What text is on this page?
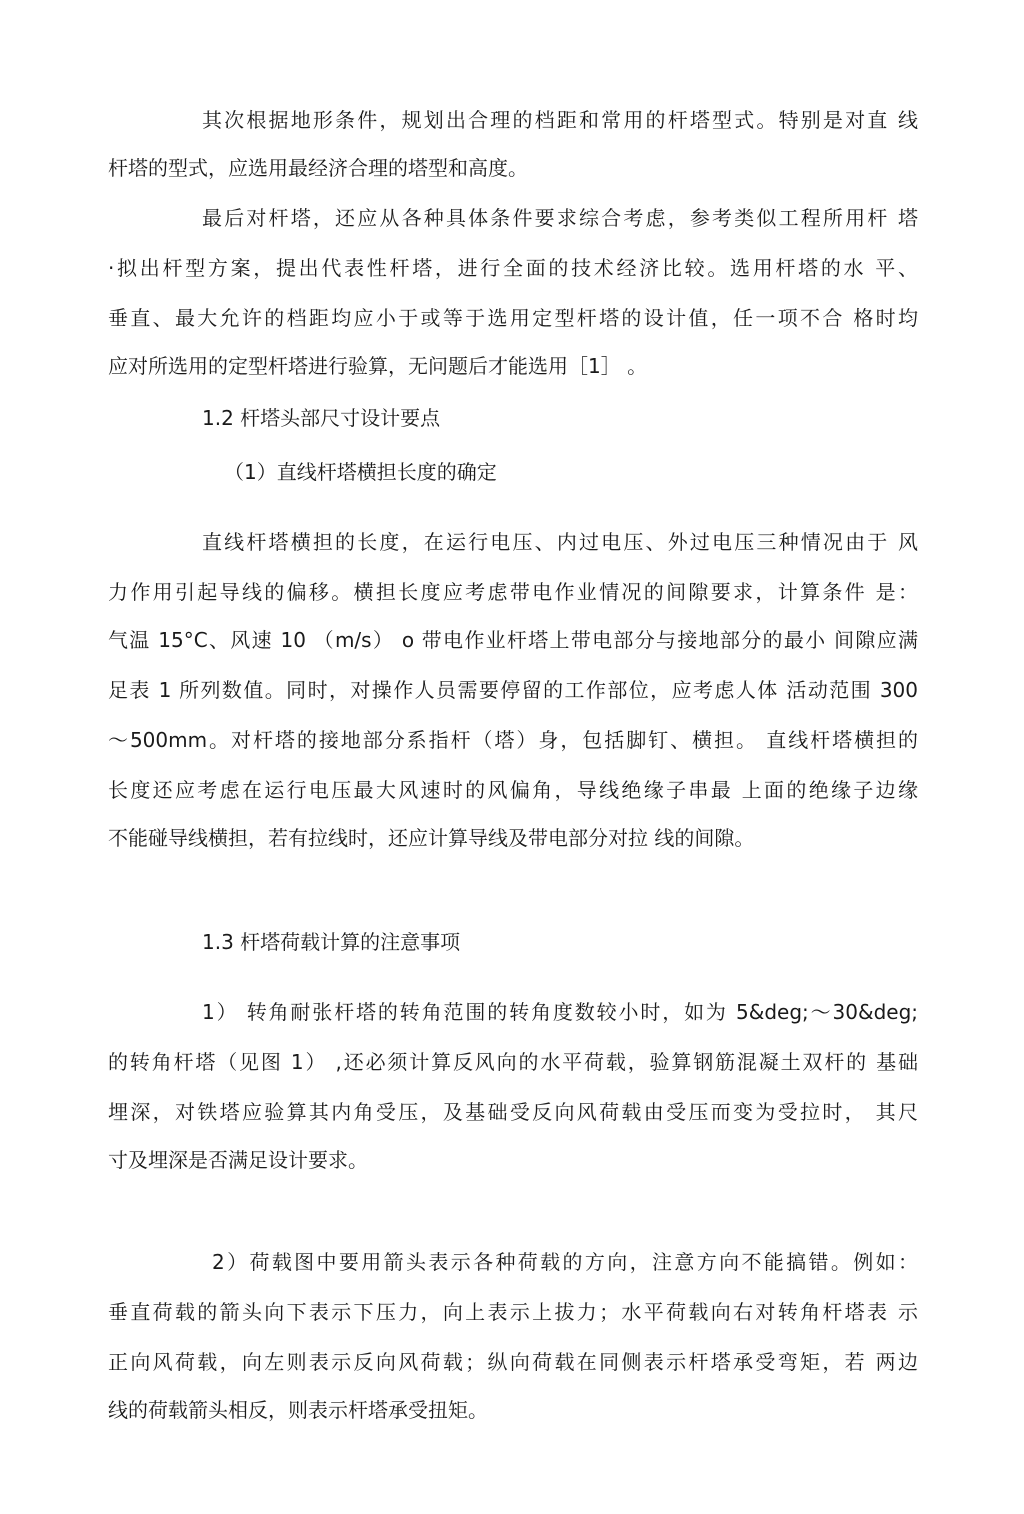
其次根据地形条件，规划出合理的档距和常用的杆塔型式。特别是对直 线
杆塔的型式，应选用最经济合理的塔型和高度。
最后对杆塔，还应从各种具体条件要求综合考虑，参考类似工程所用杆 塔
·拟出杆型方案，提出代表性杆塔，进行全面的技术经济比较。选用杆塔的水 平、
垂直、最大允许的档距均应小于或等于选用定型杆塔的设计值，任一项不合 格时均
应对所选用的定型杆塔进行验算，无问题后才能选用［1］ 。
1.2 杆塔头部尺寸设计要点
（1）直线杆塔横担长度的确定
直线杆塔横担的长度，在运行电压、内过电压、外过电压三种情况由于 风
力作用引起导线的偏移。横担长度应考虑带电作业情况的间隙要求，计算条件 是：
气温 15°C、风速 10 （m/s） o 带电作业杆塔上带电部分与接地部分的最小 间隙应满
足表 1 所列数值。同时，对操作人员需要停留的工作部位，应考虑人体 活动范围 300
～500mm。对杆塔的接地部分系指杆（塔）身，包括脚钉、横担。 直线杆塔横担的
长度还应考虑在运行电压最大风速时的风偏角，导线绝缘子串最 上面的绝缘子边缘
不能碰导线横担，若有拉线时，还应计算导线及带电部分对拉 线的间隙。
1.3 杆塔荷载计算的注意事项
1） 转角耐张杆塔的转角范围的转角度数较小时，如为 5&deg;～30&deg;
的转角杆塔（见图 1） ,还必须计算反风向的水平荷载，验算钢筋混凝土双杆的 基础
埋深，对铁塔应验算其内角受压，及基础受反向风荷载由受压而变为受拉时， 其尺
寸及埋深是否满足设计要求。
2）荷载图中要用箭头表示各种荷载的方向，注意方向不能搞错。例如：
垂直荷载的箭头向下表示下压力，向上表示上拔力；水平荷载向右对转角杆塔表 示
正向风荷载，向左则表示反向风荷载；纵向荷载在同侧表示杆塔承受弯矩，若 两边
线的荷载箭头相反，则表示杆塔承受扭矩。
